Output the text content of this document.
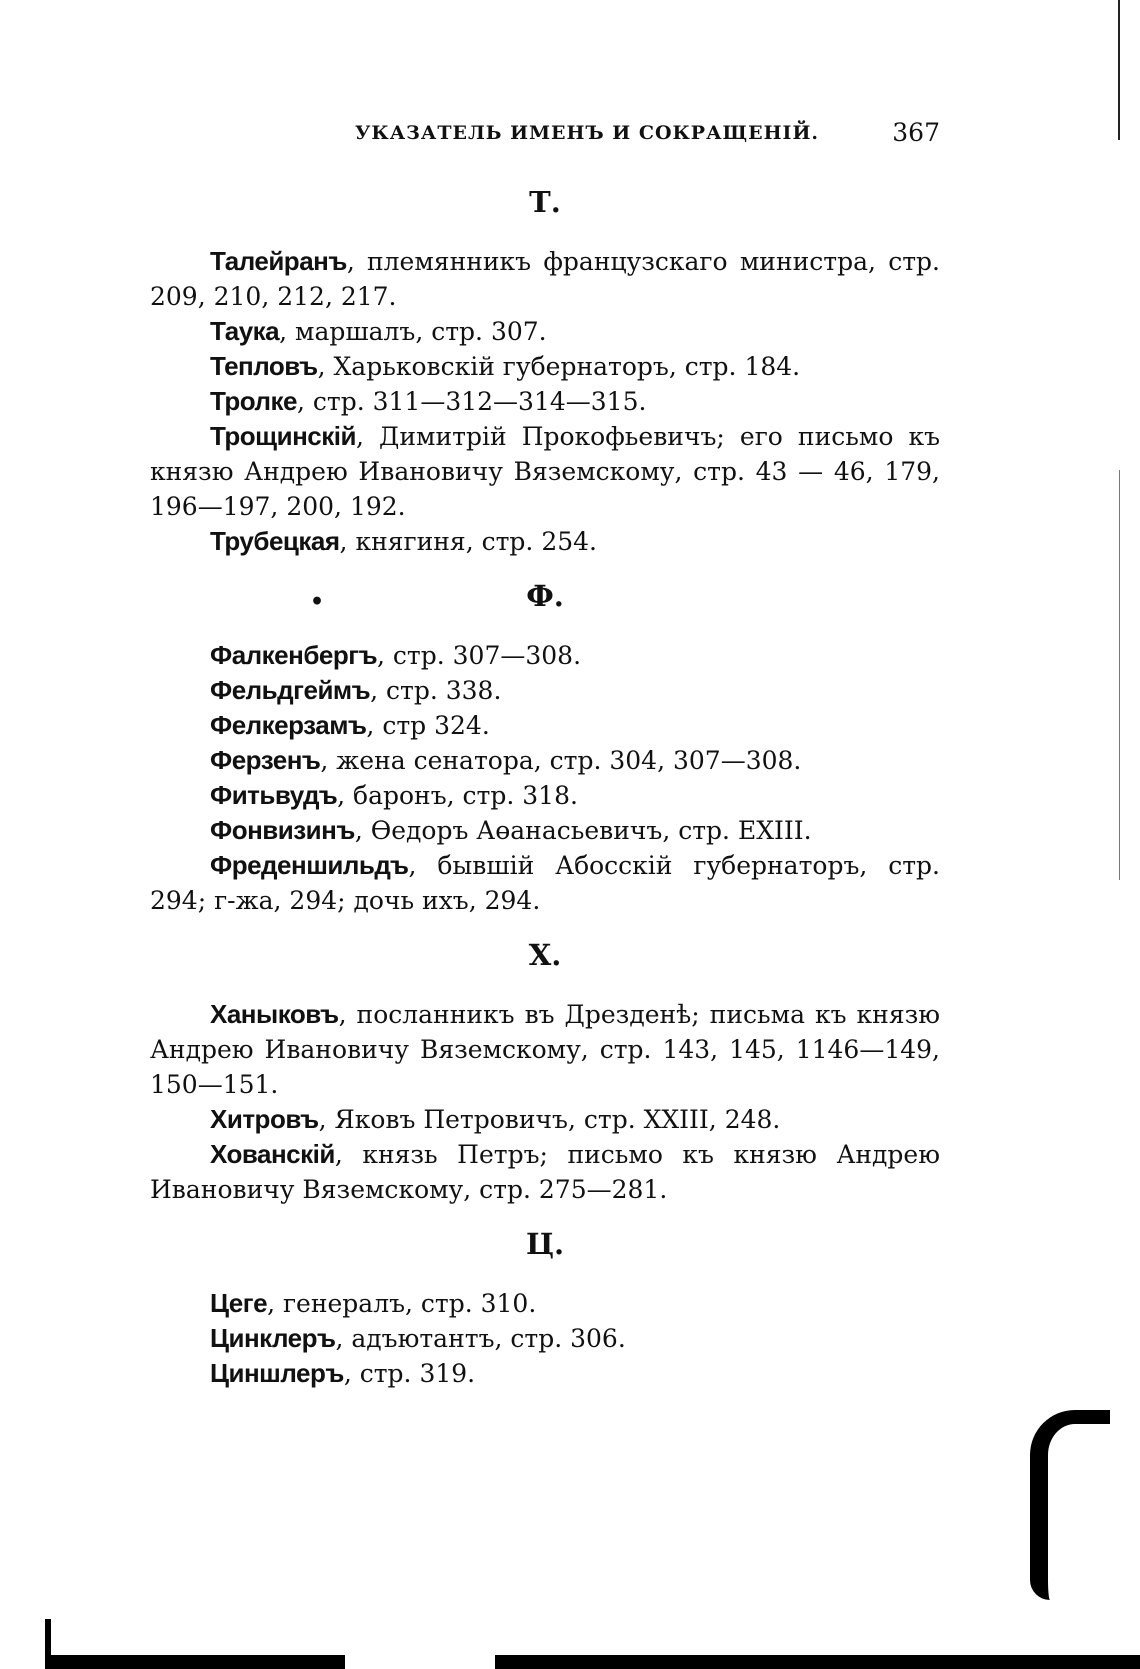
УКАЗАТЕЛЬ ИМЕНЪ И СОКРАЩЕНІЙ.	367
Т.

Талейранъ, племянникъ французскаго министра, стр. 209, 210, 212, 217.

Таука, маршалъ, стр. 307.

Тепловъ, Харьковскій губернаторъ, стр. 184.

Тролке, стр. 311—312—314—315.

Трощинскій, Димитрій Прокофьевичъ; его письмо къ князю Андрею Ивановичу Вяземскому, стр. 43 — 46, 179, 196—197, 200, 192.

Трубецкая, княгиня, стр. 254.

•	Ф.

Фалкенбергъ, стр. 307—308.

Фельдгеймъ, стр. 338.

Фелкерзамъ, стр 324.

Ферзенъ, жена сенатора, стр. 304, 307—308.

Фитьвудъ, баронъ, стр. 318.

Фонвизинъ, Өедоръ Аөанасьевичъ, стр. ЕХIII.

Фреденшильдъ, бывшій Абосскій губернаторъ, стр. 294; г-жа, 294; дочь ихъ, 294.

Х.

Ханыковъ, посланникъ въ Дрезденѣ; письма къ князю Андрею Ивановичу Вяземскому, стр. 143, 145, 1146—149, 150—151.

Хитровъ, Яковъ Петровичъ, стр. XXIII, 248.

Хованскій, князь Петръ; письмо къ князю Андрею Ивановичу Вяземскому, стр. 275—281.

Ц.

Цеге, генералъ, стр. 310.

Цинклеръ, адъютантъ, стр. 306.

Циншлеръ, стр. 319.
